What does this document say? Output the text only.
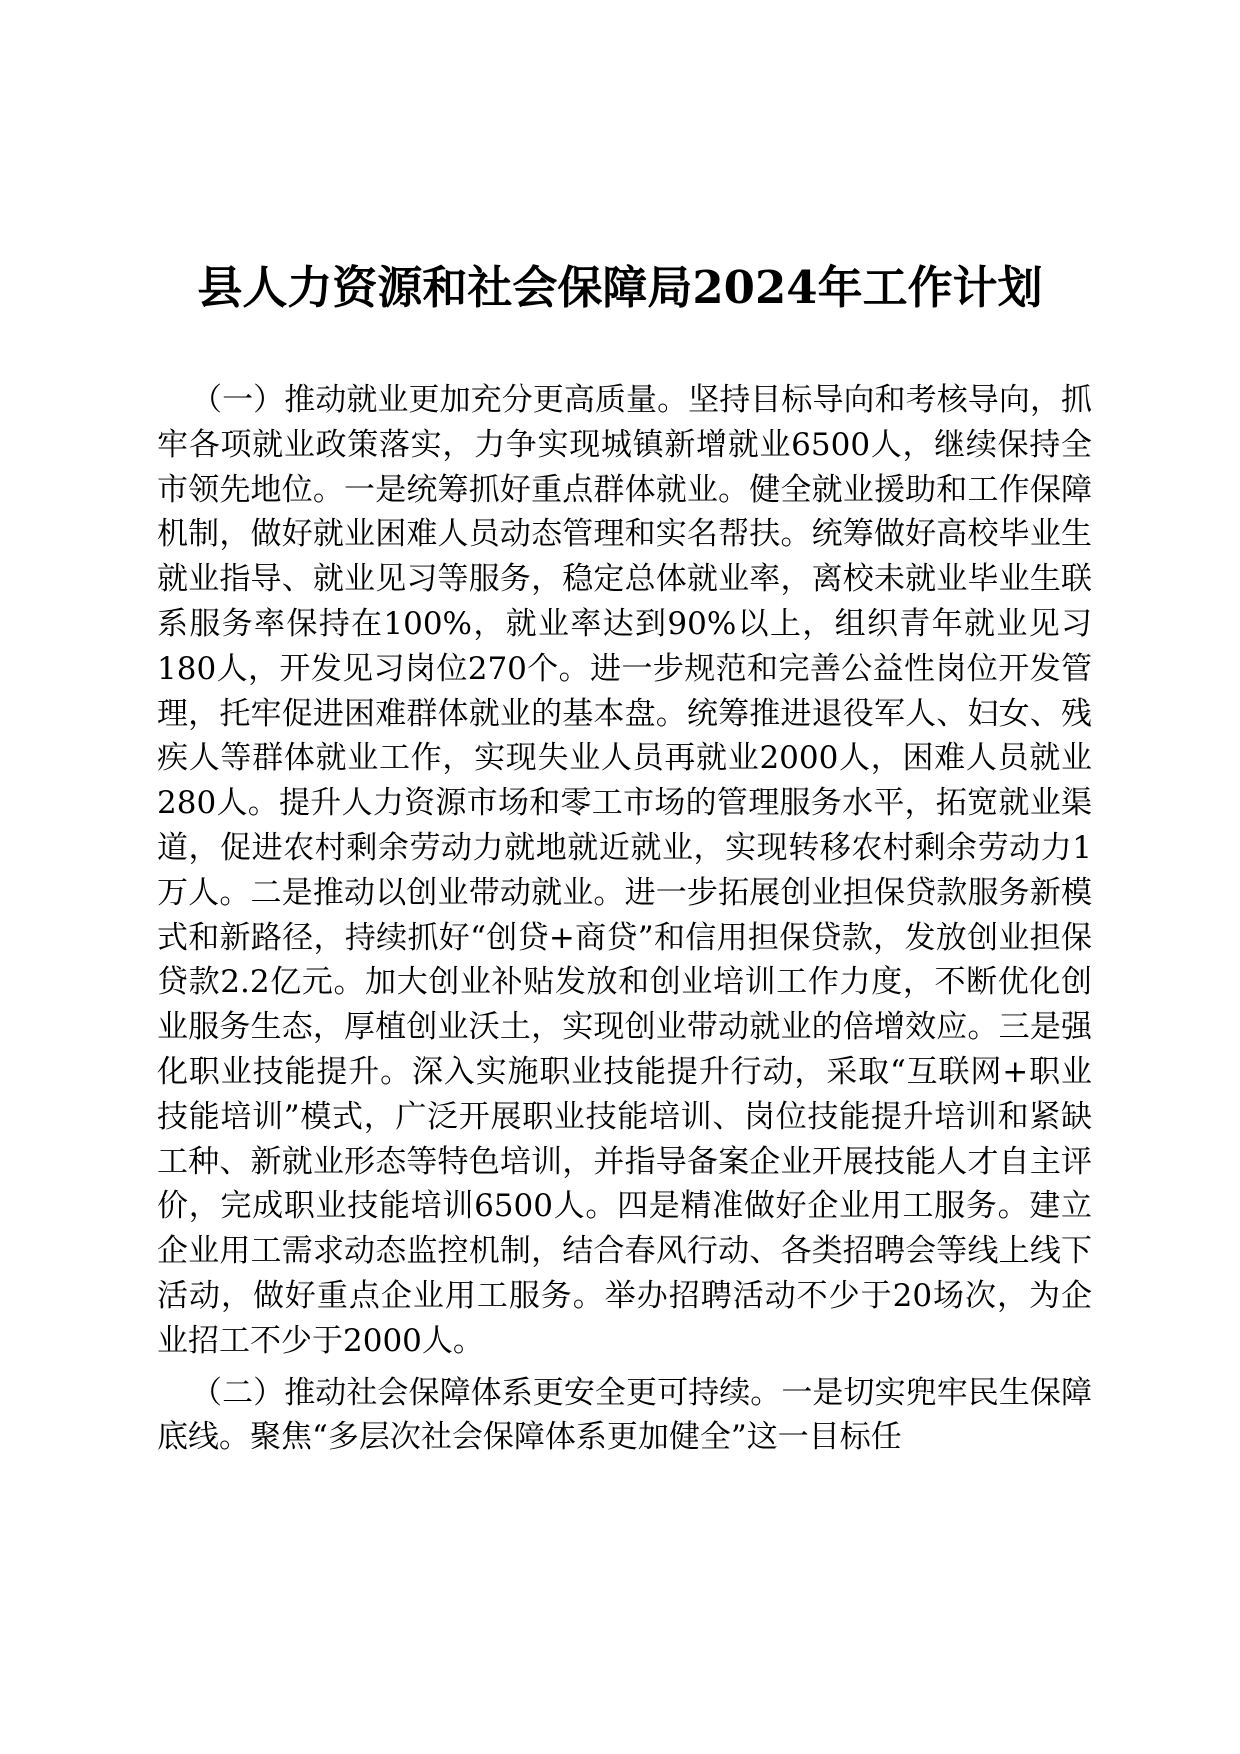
县人力资源和社会保障局2024年工作计划

（一）推动就业更加充分更高质量。坚持目标导向和考核导向，抓牢各项就业政策落实，力争实现城镇新增就业6500人，继续保持全市领先地位。一是统筹抓好重点群体就业。健全就业援助和工作保障机制，做好就业困难人员动态管理和实名帮扶。统筹做好高校毕业生就业指导、就业见习等服务，稳定总体就业率，离校未就业毕业生联系服务率保持在100%，就业率达到90%以上，组织青年就业见习180人，开发见习岗位270个。进一步规范和完善公益性岗位开发管理，托牢促进困难群体就业的基本盘。统筹推进退役军人、妇女、残疾人等群体就业工作，实现失业人员再就业2000人，困难人员就业280人。提升人力资源市场和零工市场的管理服务水平，拓宽就业渠道，促进农村剩余劳动力就地就近就业，实现转移农村剩余劳动力1万人。二是推动以创业带动就业。进一步拓展创业担保贷款服务新模式和新路径，持续抓好“创贷+商贷”和信用担保贷款，发放创业担保贷款2.2亿元。加大创业补贴发放和创业培训工作力度，不断优化创业服务生态，厚植创业沃土，实现创业带动就业的倍增效应。三是强化职业技能提升。深入实施职业技能提升行动，采取“互联网+职业技能培训”模式，广泛开展职业技能培训、岗位技能提升培训和紧缺工种、新就业形态等特色培训，并指导备案企业开展技能人才自主评价，完成职业技能培训6500人。四是精准做好企业用工服务。建立企业用工需求动态监控机制，结合春风行动、各类招聘会等线上线下活动，做好重点企业用工服务。举办招聘活动不少于20场次，为企业招工不少于2000人。

（二）推动社会保障体系更安全更可持续。一是切实兜牢民生保障底线。聚焦“多层次社会保障体系更加健全”这一目标任
